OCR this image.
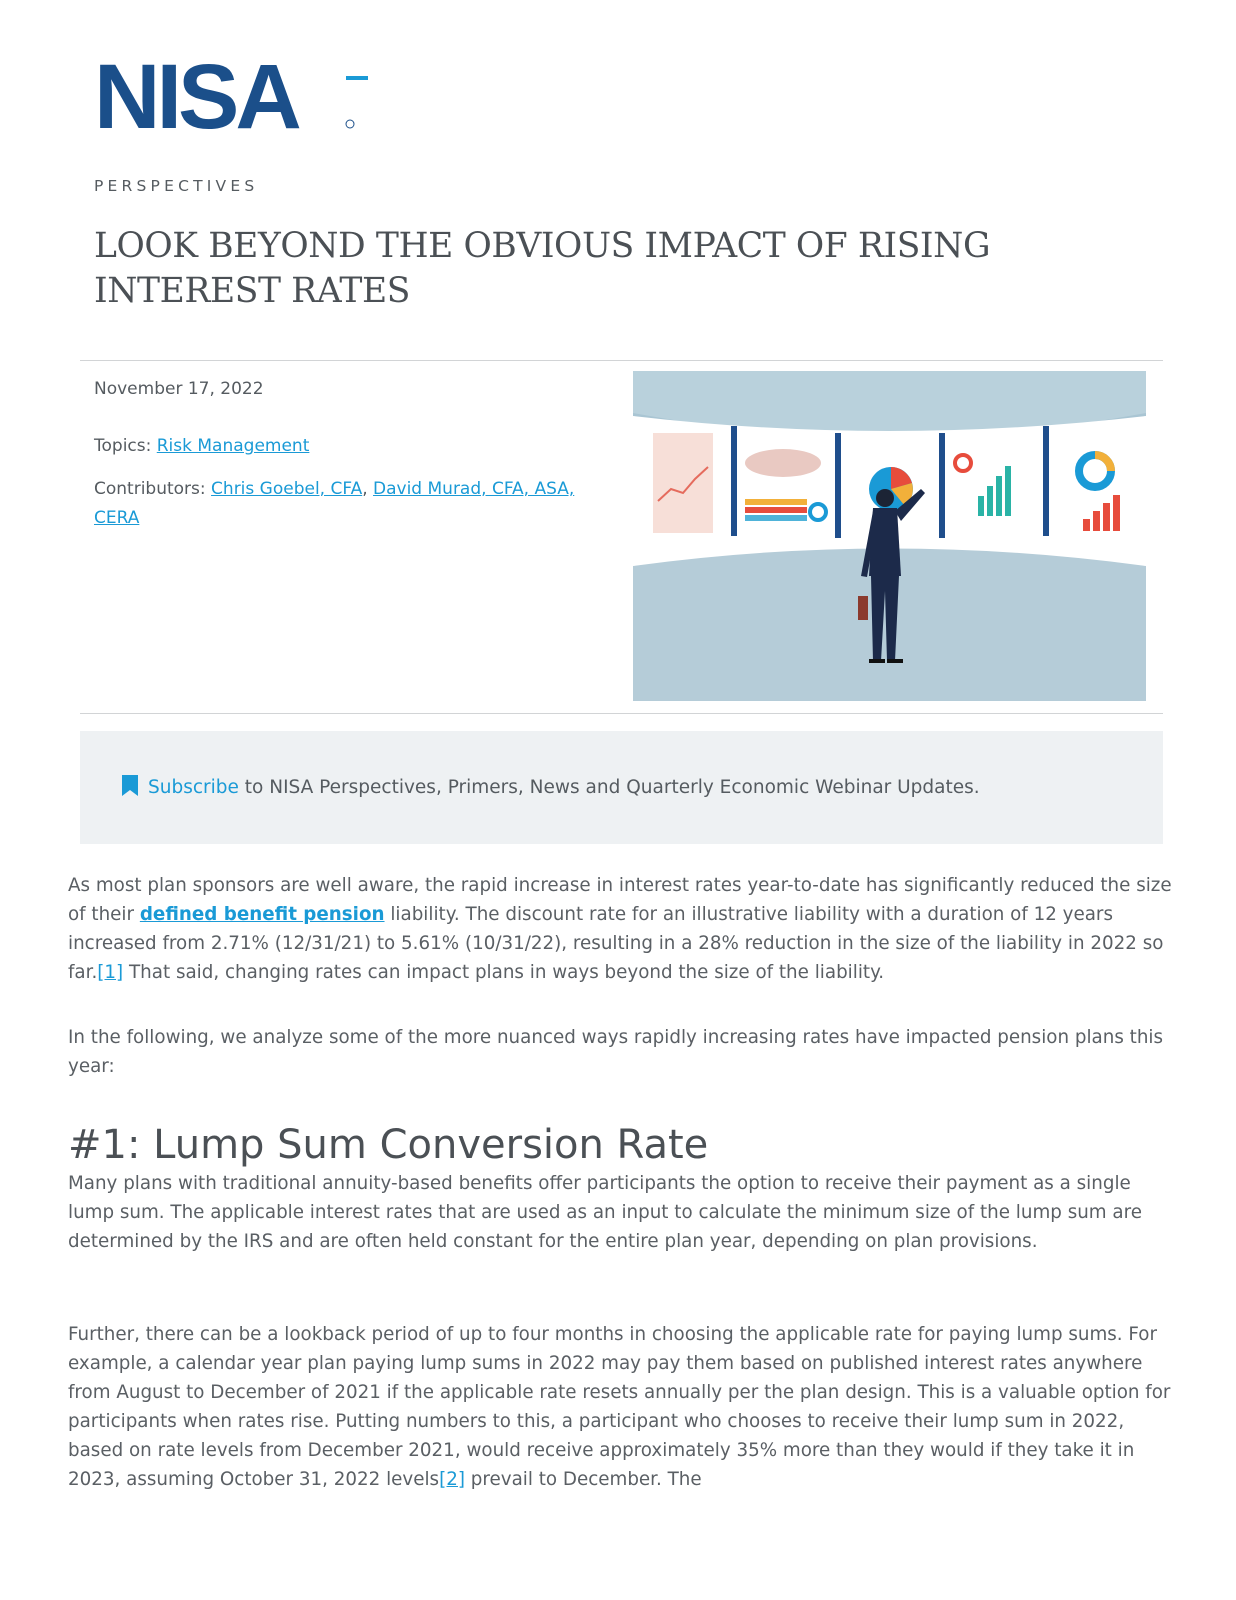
NISA
PERSPECTIVES
LOOK BEYOND THE OBVIOUS IMPACT OF RISING INTEREST RATES
November 17, 2022
Topics: Risk Management
Contributors: Chris Goebel, CFA, David Murad, CFA, ASA, CERA
Subscribe to NISA Perspectives, Primers, News and Quarterly Economic Webinar Updates.

As most plan sponsors are well aware, the rapid increase in interest rates year-to-date has significantly reduced the size of their defined benefit pension liability. The discount rate for an illustrative liability with a duration of 12 years increased from 2.71% (12/31/21) to 5.61% (10/31/22), resulting in a 28% reduction in the size of the liability in 2022 so far.[1] That said, changing rates can impact plans in ways beyond the size of the liability.

In the following, we analyze some of the more nuanced ways rapidly increasing rates have impacted pension plans this year:

#1: Lump Sum Conversion Rate

Many plans with traditional annuity-based benefits offer participants the option to receive their payment as a single lump sum. The applicable interest rates that are used as an input to calculate the minimum size of the lump sum are determined by the IRS and are often held constant for the entire plan year, depending on plan provisions.

Further, there can be a lookback period of up to four months in choosing the applicable rate for paying lump sums. For example, a calendar year plan paying lump sums in 2022 may pay them based on published interest rates anywhere from August to December of 2021 if the applicable rate resets annually per the plan design. This is a valuable option for participants when rates rise. Putting numbers to this, a participant who chooses to receive their lump sum in 2022, based on rate levels from December 2021, would receive approximately 35% more than they would if they take it in 2023, assuming October 31, 2022 levels[2] prevail to December. The
